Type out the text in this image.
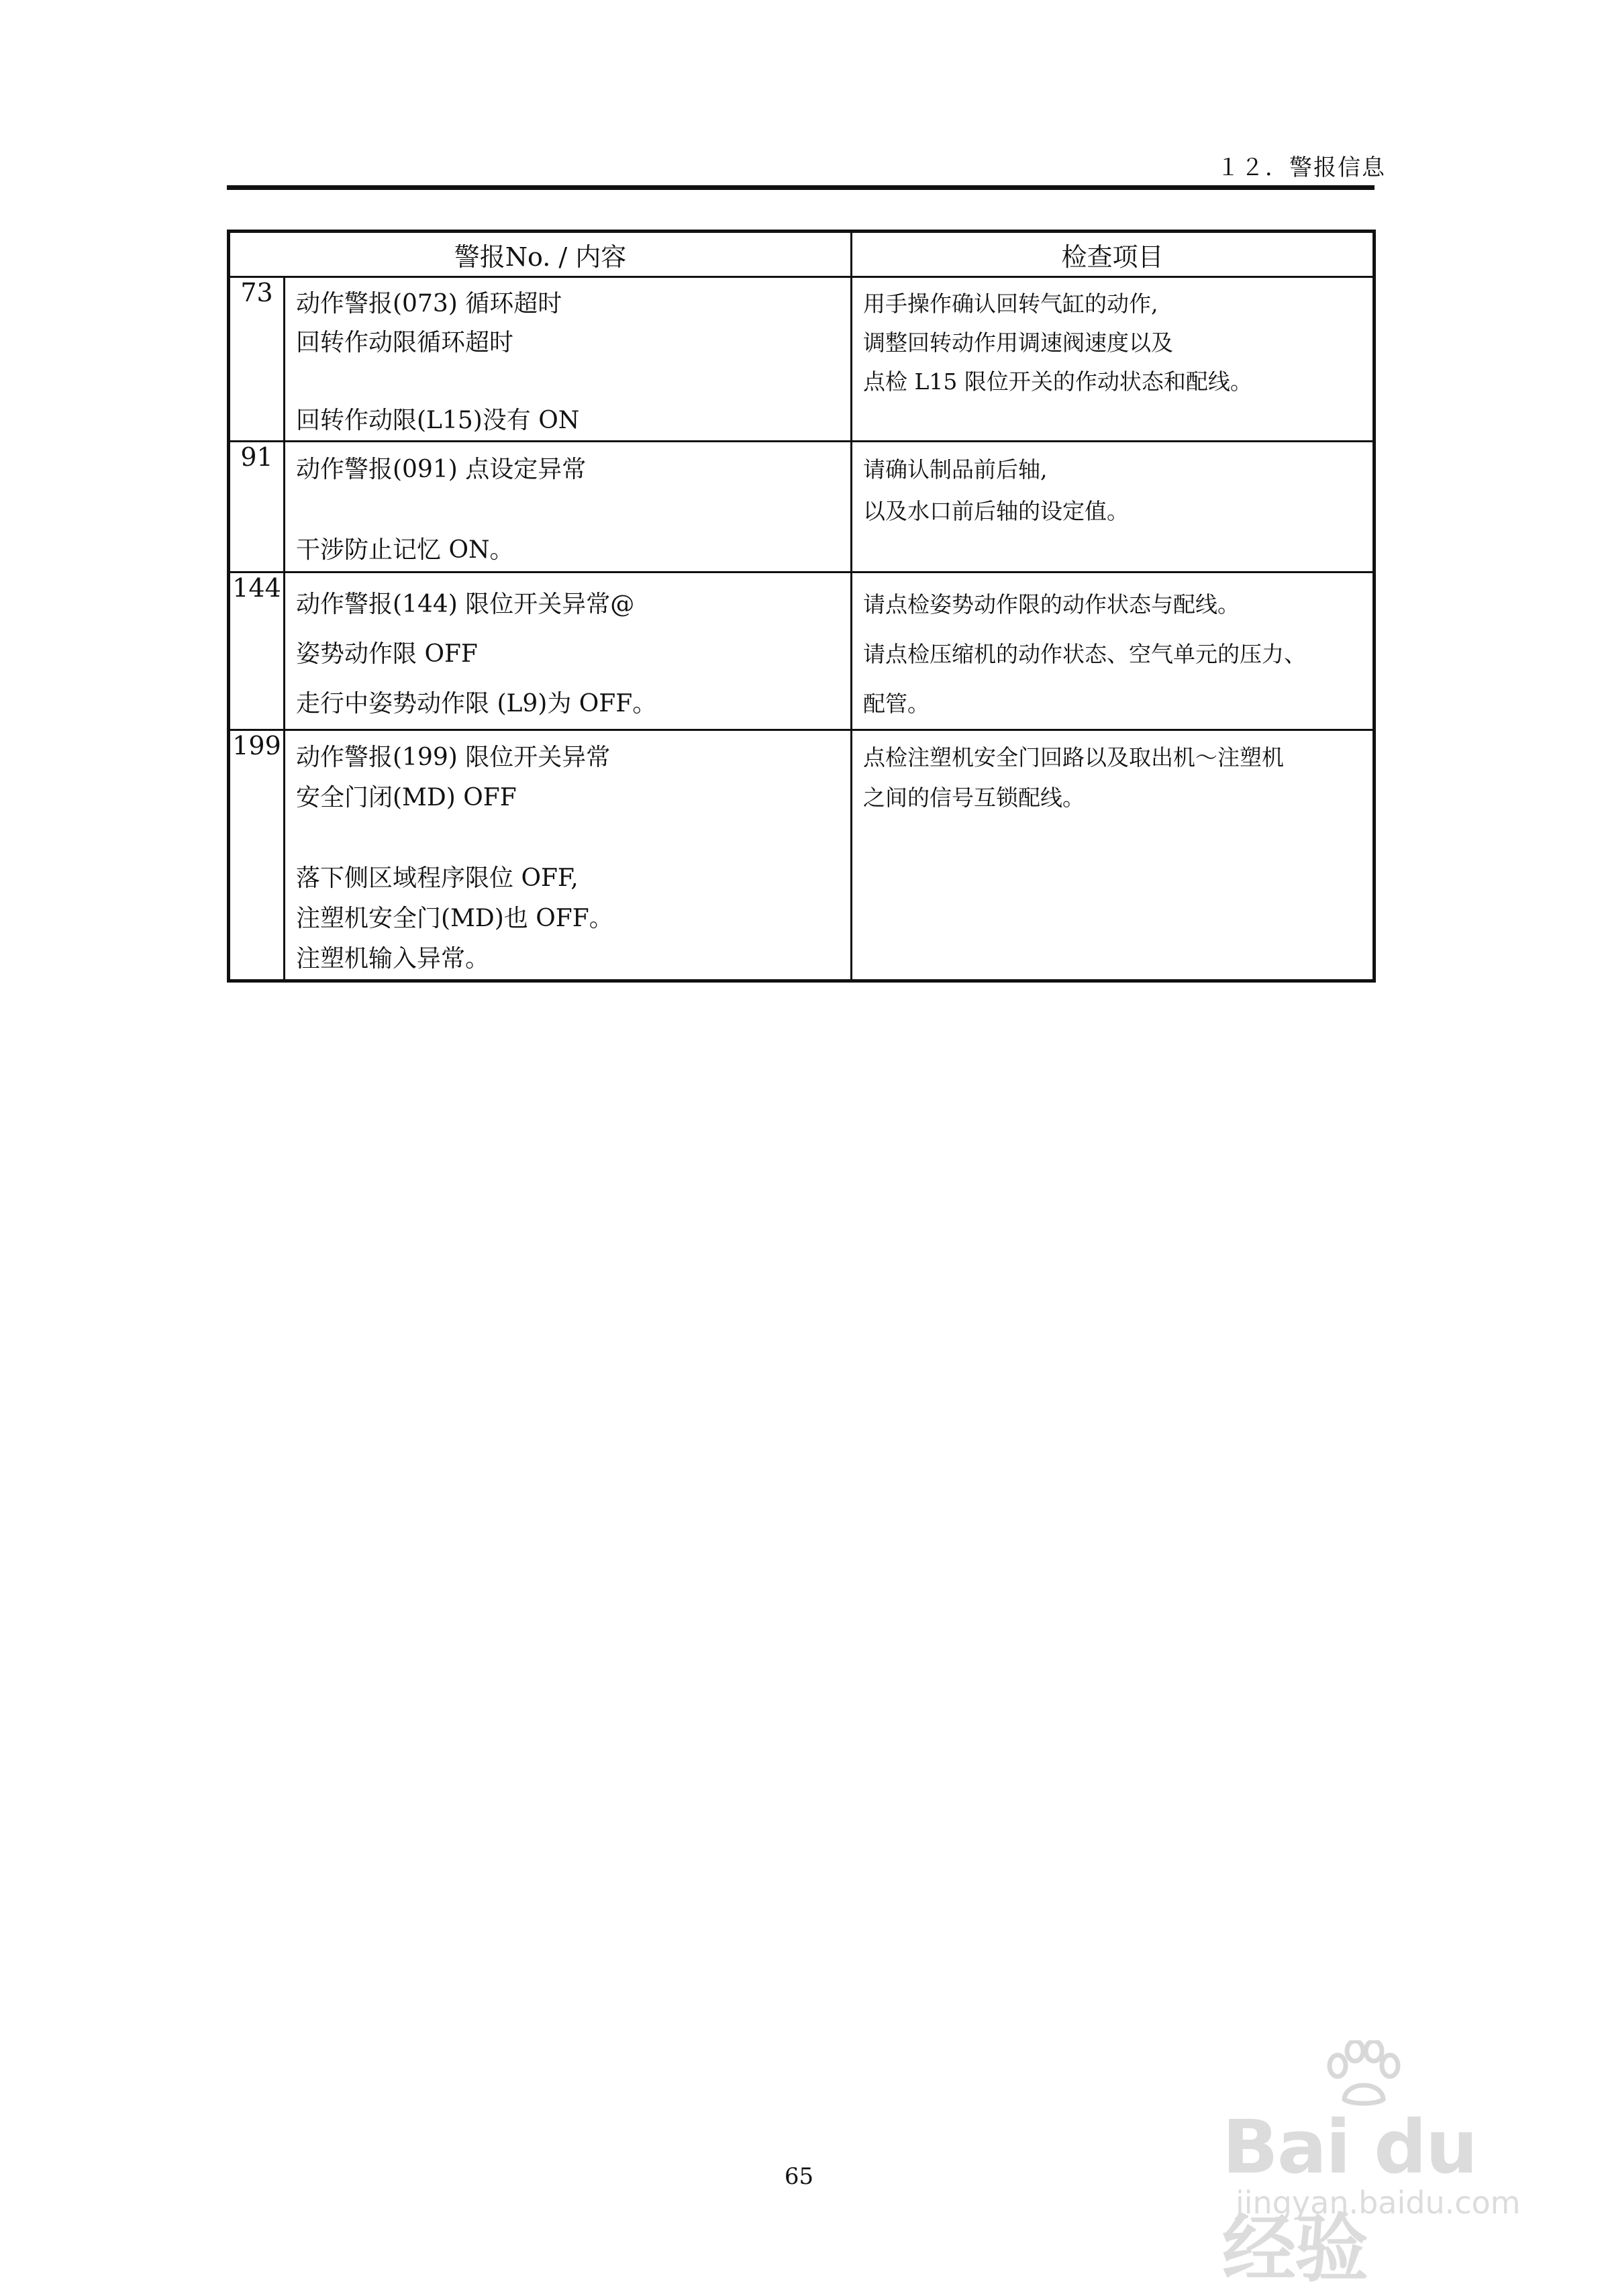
１２．警报信息
警报No. / 内容		检查项目
73	动作警报(073) 循环超时
回转作动限循环超时
回转作动限(L15)没有 ON	用手操作确认回转气缸的动作,
调整回转动作用调速阀速度以及
点检 L15 限位开关的作动状态和配线。

91	动作警报(091) 点设定异常
干涉防止记忆 ON。	请确认制品前后轴,
以及水口前后轴的设定值。

144	动作警报(144) 限位开关异常@
姿势动作限 OFF
走行中姿势动作限 (L9)为 OFF。	请点检姿势动作限的动作状态与配线。
请点检压缩机的动作状态、空气单元的压力、
配管。

199	动作警报(199) 限位开关异常
安全门闭(MD) OFF
落下侧区域程序限位 OFF,
注塑机安全门(MD)也 OFF。
注塑机输入异常。	点检注塑机安全门回路以及取出机～注塑机
之间的信号互锁配线。
65	Bai du 经验
jingyan.baidu.com
